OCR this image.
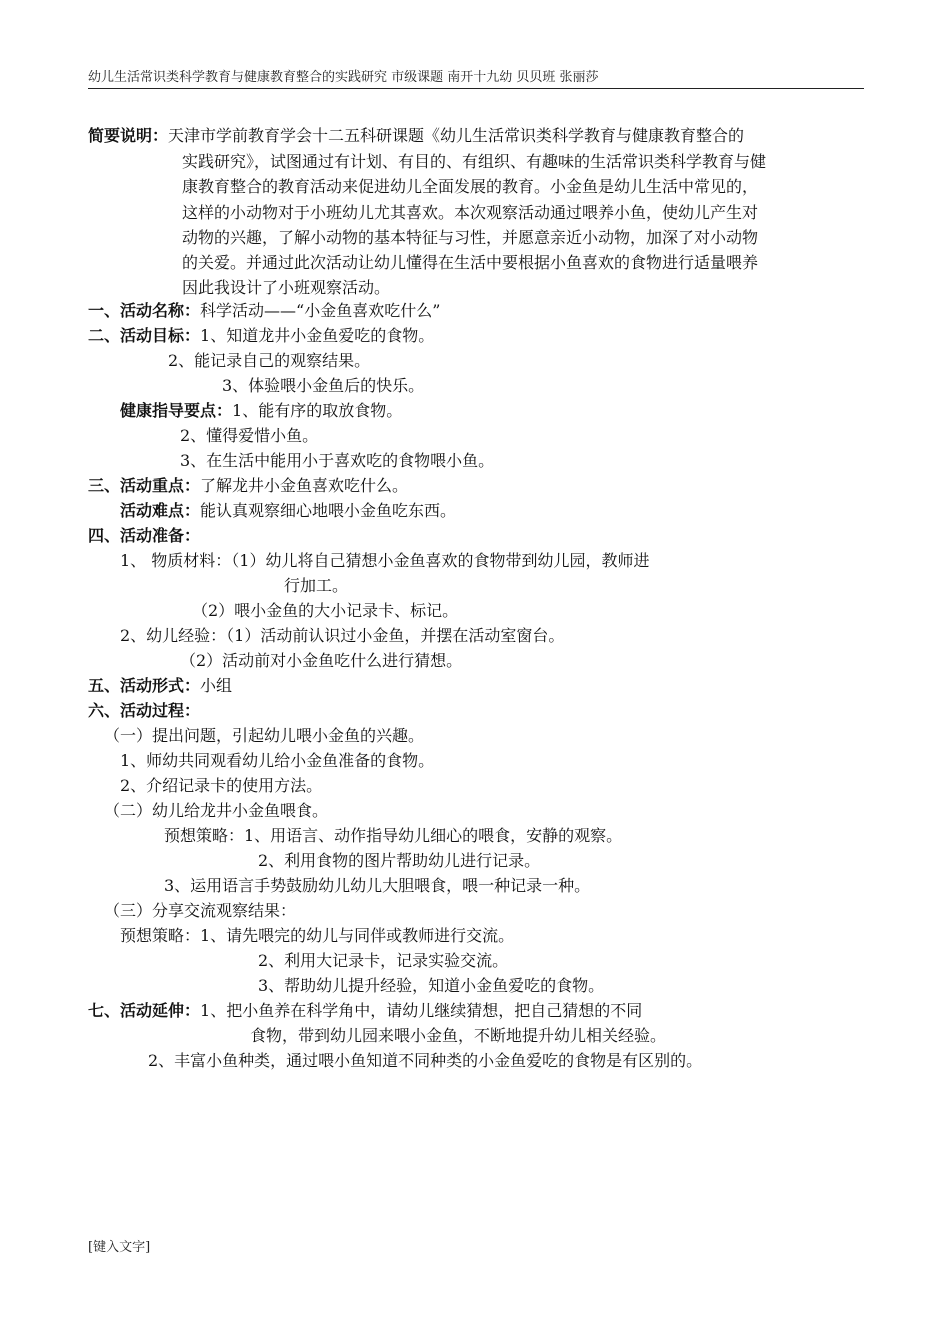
幼儿生活常识类科学教育与健康教育整合的实践研究 市级课题 南开十九幼 贝贝班 张丽莎
简要说明：天津市学前教育学会十二五科研课题《幼儿生活常识类科学教育与健康教育整合的
实践研究》，试图通过有计划、有目的、有组织、有趣味的生活常识类科学教育与健
康教育整合的教育活动来促进幼儿全面发展的教育。小金鱼是幼儿生活中常见的，
这样的小动物对于小班幼儿尤其喜欢。本次观察活动通过喂养小鱼，使幼儿产生对
动物的兴趣，了解小动物的基本特征与习性，并愿意亲近小动物，加深了对小动物
的关爱。并通过此次活动让幼儿懂得在生活中要根据小鱼喜欢的食物进行适量喂养
因此我设计了小班观察活动。
一、活动名称：科学活动——“小金鱼喜欢吃什么”
二、活动目标：1、知道龙井小金鱼爱吃的食物。
2、能记录自己的观察结果。
3、体验喂小金鱼后的快乐。
健康指导要点：1、能有序的取放食物。
2、懂得爱惜小鱼。
3、在生活中能用小于喜欢吃的食物喂小鱼。
三、活动重点：了解龙井小金鱼喜欢吃什么。
活动难点：能认真观察细心地喂小金鱼吃东西。
四、活动准备：
1、 物质材料：（1）幼儿将自己猜想小金鱼喜欢的食物带到幼儿园，教师进
行加工。
（2）喂小金鱼的大小记录卡、标记。
2、幼儿经验：（1）活动前认识过小金鱼，并摆在活动室窗台。
（2）活动前对小金鱼吃什么进行猜想。
五、活动形式：小组
六、活动过程：
（一）提出问题，引起幼儿喂小金鱼的兴趣。
1、师幼共同观看幼儿给小金鱼准备的食物。
2、介绍记录卡的使用方法。
（二）幼儿给龙井小金鱼喂食。
预想策略：1、用语言、动作指导幼儿细心的喂食，安静的观察。
2、利用食物的图片帮助幼儿进行记录。
3、运用语言手势鼓励幼儿幼儿大胆喂食，喂一种记录一种。
（三）分享交流观察结果：
预想策略：1、请先喂完的幼儿与同伴或教师进行交流。
2、利用大记录卡，记录实验交流。
3、帮助幼儿提升经验，知道小金鱼爱吃的食物。
七、活动延伸：1、把小鱼养在科学角中，请幼儿继续猜想，把自己猜想的不同
食物，带到幼儿园来喂小金鱼，不断地提升幼儿相关经验。
2、丰富小鱼种类，通过喂小鱼知道不同种类的小金鱼爱吃的食物是有区别的。
[键入文字]
